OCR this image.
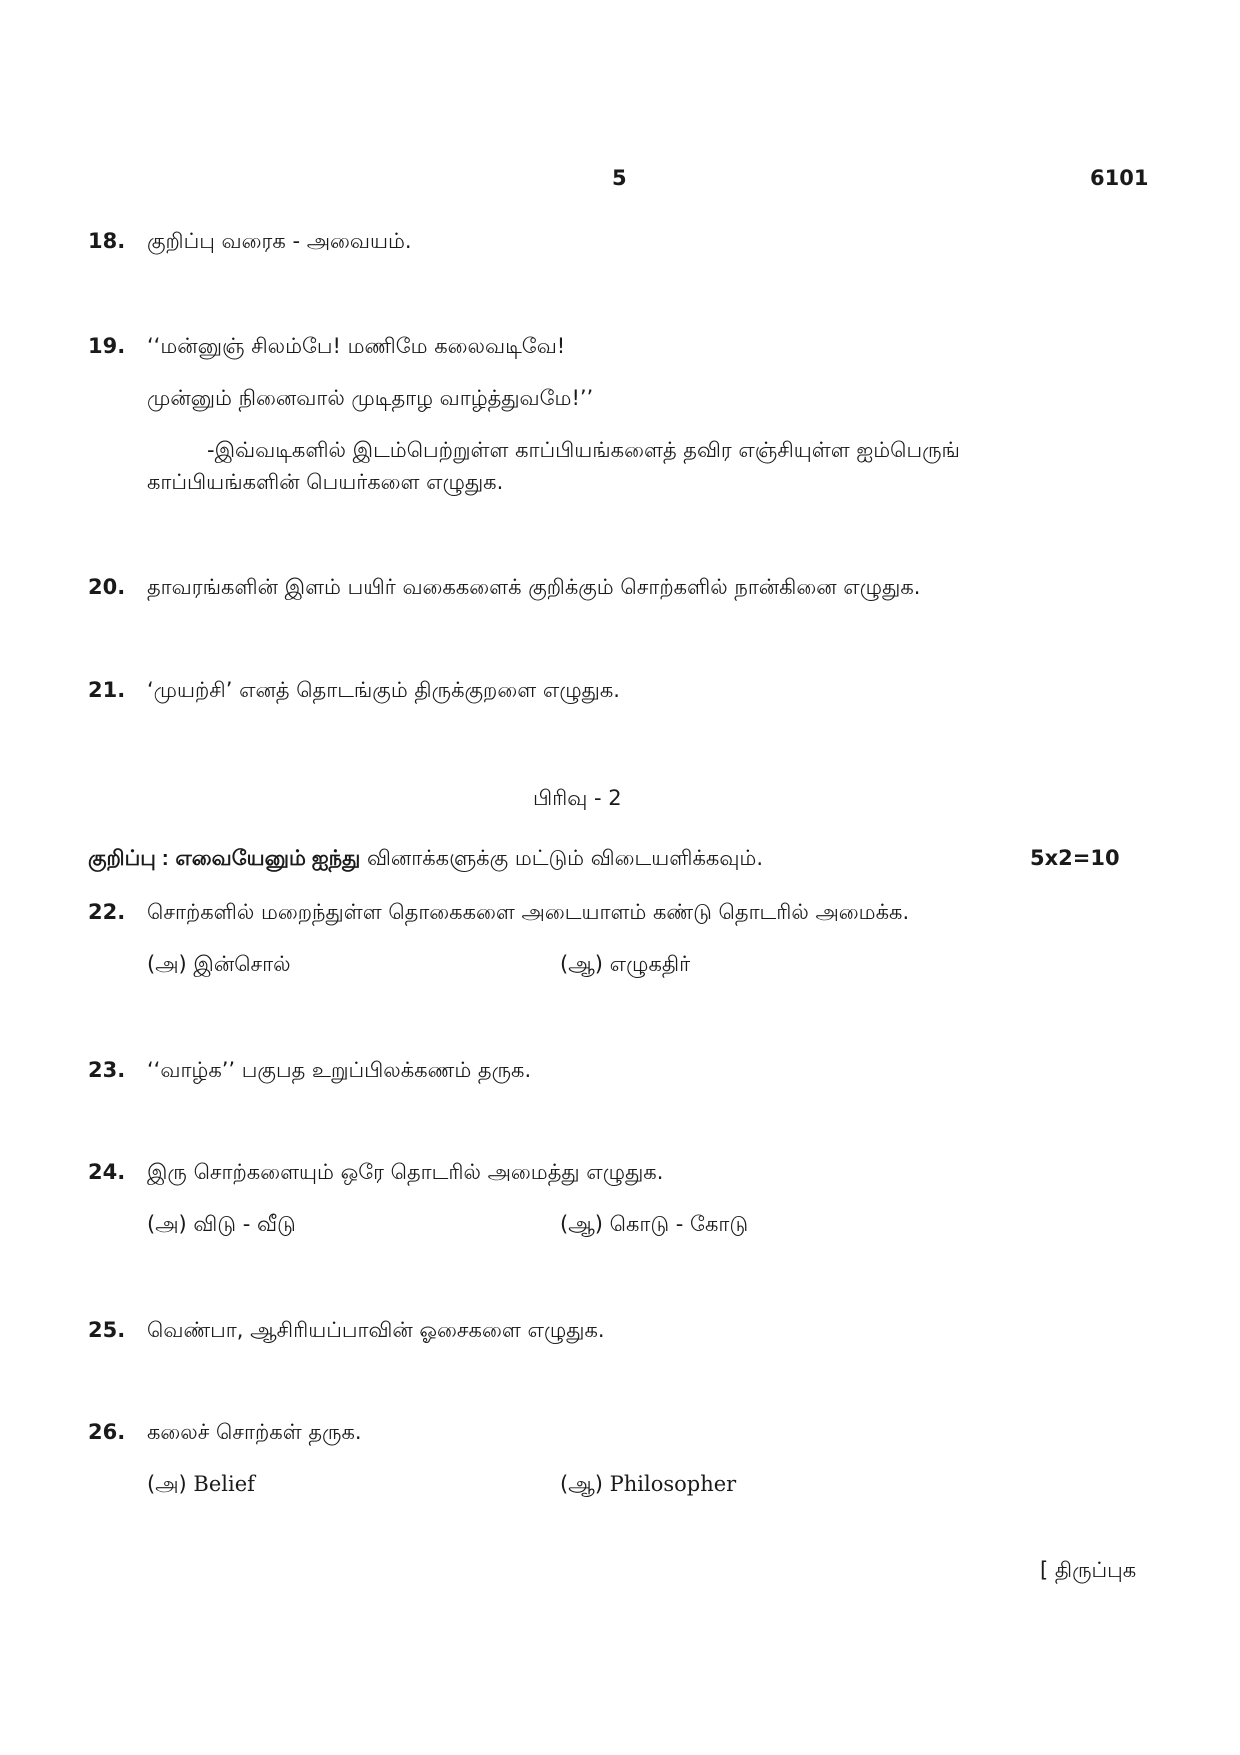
5	6101
18. குறிப்பு வரைக - அவையம்.
19. ‘‘மன்னுஞ் சிலம்பே! மணிமே கலைவடிவே!
முன்னும் நினைவால் முடிதாழ வாழ்த்துவமே!’’
-இவ்வடிகளில் இடம்பெற்றுள்ள காப்பியங்களைத் தவிர எஞ்சியுள்ள ஐம்பெருங் காப்பியங்களின் பெயர்களை எழுதுக.
20. தாவரங்களின் இளம் பயிர் வகைகளைக் குறிக்கும் சொற்களில் நான்கினை எழுதுக.
21. ‘முயற்சி’ எனத் தொடங்கும் திருக்குறளை எழுதுக.
பிரிவு - 2
குறிப்பு : எவையேனும் ஐந்து வினாக்களுக்கு மட்டும் விடையளிக்கவும்.	5x2=10
22. சொற்களில் மறைந்துள்ள தொகைகளை அடையாளம் கண்டு தொடரில் அமைக்க.
(அ) இன்சொல்	(ஆ) எழுகதிர்
23. ‘‘வாழ்க’’ பகுபத உறுப்பிலக்கணம் தருக.
24. இரு சொற்களையும் ஒரே தொடரில் அமைத்து எழுதுக.
(அ) விடு - வீடு	(ஆ) கொடு - கோடு
25. வெண்பா, ஆசிரியப்பாவின் ஓசைகளை எழுதுக.
26. கலைச் சொற்கள் தருக.
(அ) Belief	(ஆ) Philosopher
[ திருப்புக
